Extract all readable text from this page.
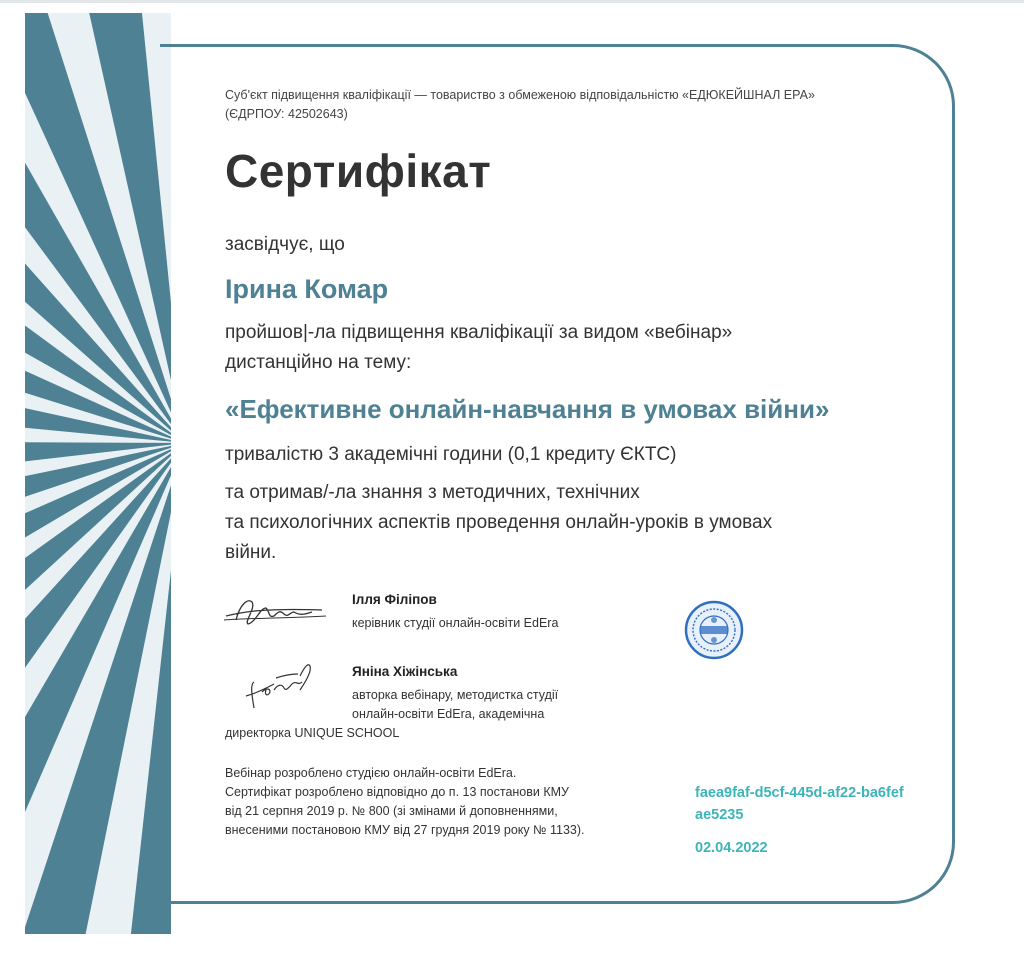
Суб'єкт підвищення кваліфікації — товариство з обмеженою відповідальністю «ЕДЮКЕЙШНАЛ ЕРА» (ЄДРПОУ: 42502643)
Сертифікат
засвідчує, що
Ірина Комар
пройшов|-ла підвищення кваліфікації за видом «вебінар»
дистанційно на тему:
«Ефективне онлайн-навчання в умовах війни»
тривалістю 3 академічні години (0,1 кредиту ЄКТС)
та отримав/-ла знання з методичних, технічних
та психологічних аспектів проведення онлайн-уроків в умовах
війни.
Ілля Філіпов
керівник студії онлайн-освіти EdEra
Яніна Хіжінська
авторка вебінару, методистка студії
онлайн-освіти EdEra, академічна
директорка UNIQUE SCHOOL
Вебінар розроблено студією онлайн-освіти EdEra.
Сертифікат розроблено відповідно до п. 13 постанови КМУ
від 21 серпня 2019 р. № 800 (зі змінами й доповненнями,
внесеними постановою КМУ від 27 грудня 2019 року № 1133).
faea9faf-d5cf-445d-af22-ba6fefae5235
02.04.2022
